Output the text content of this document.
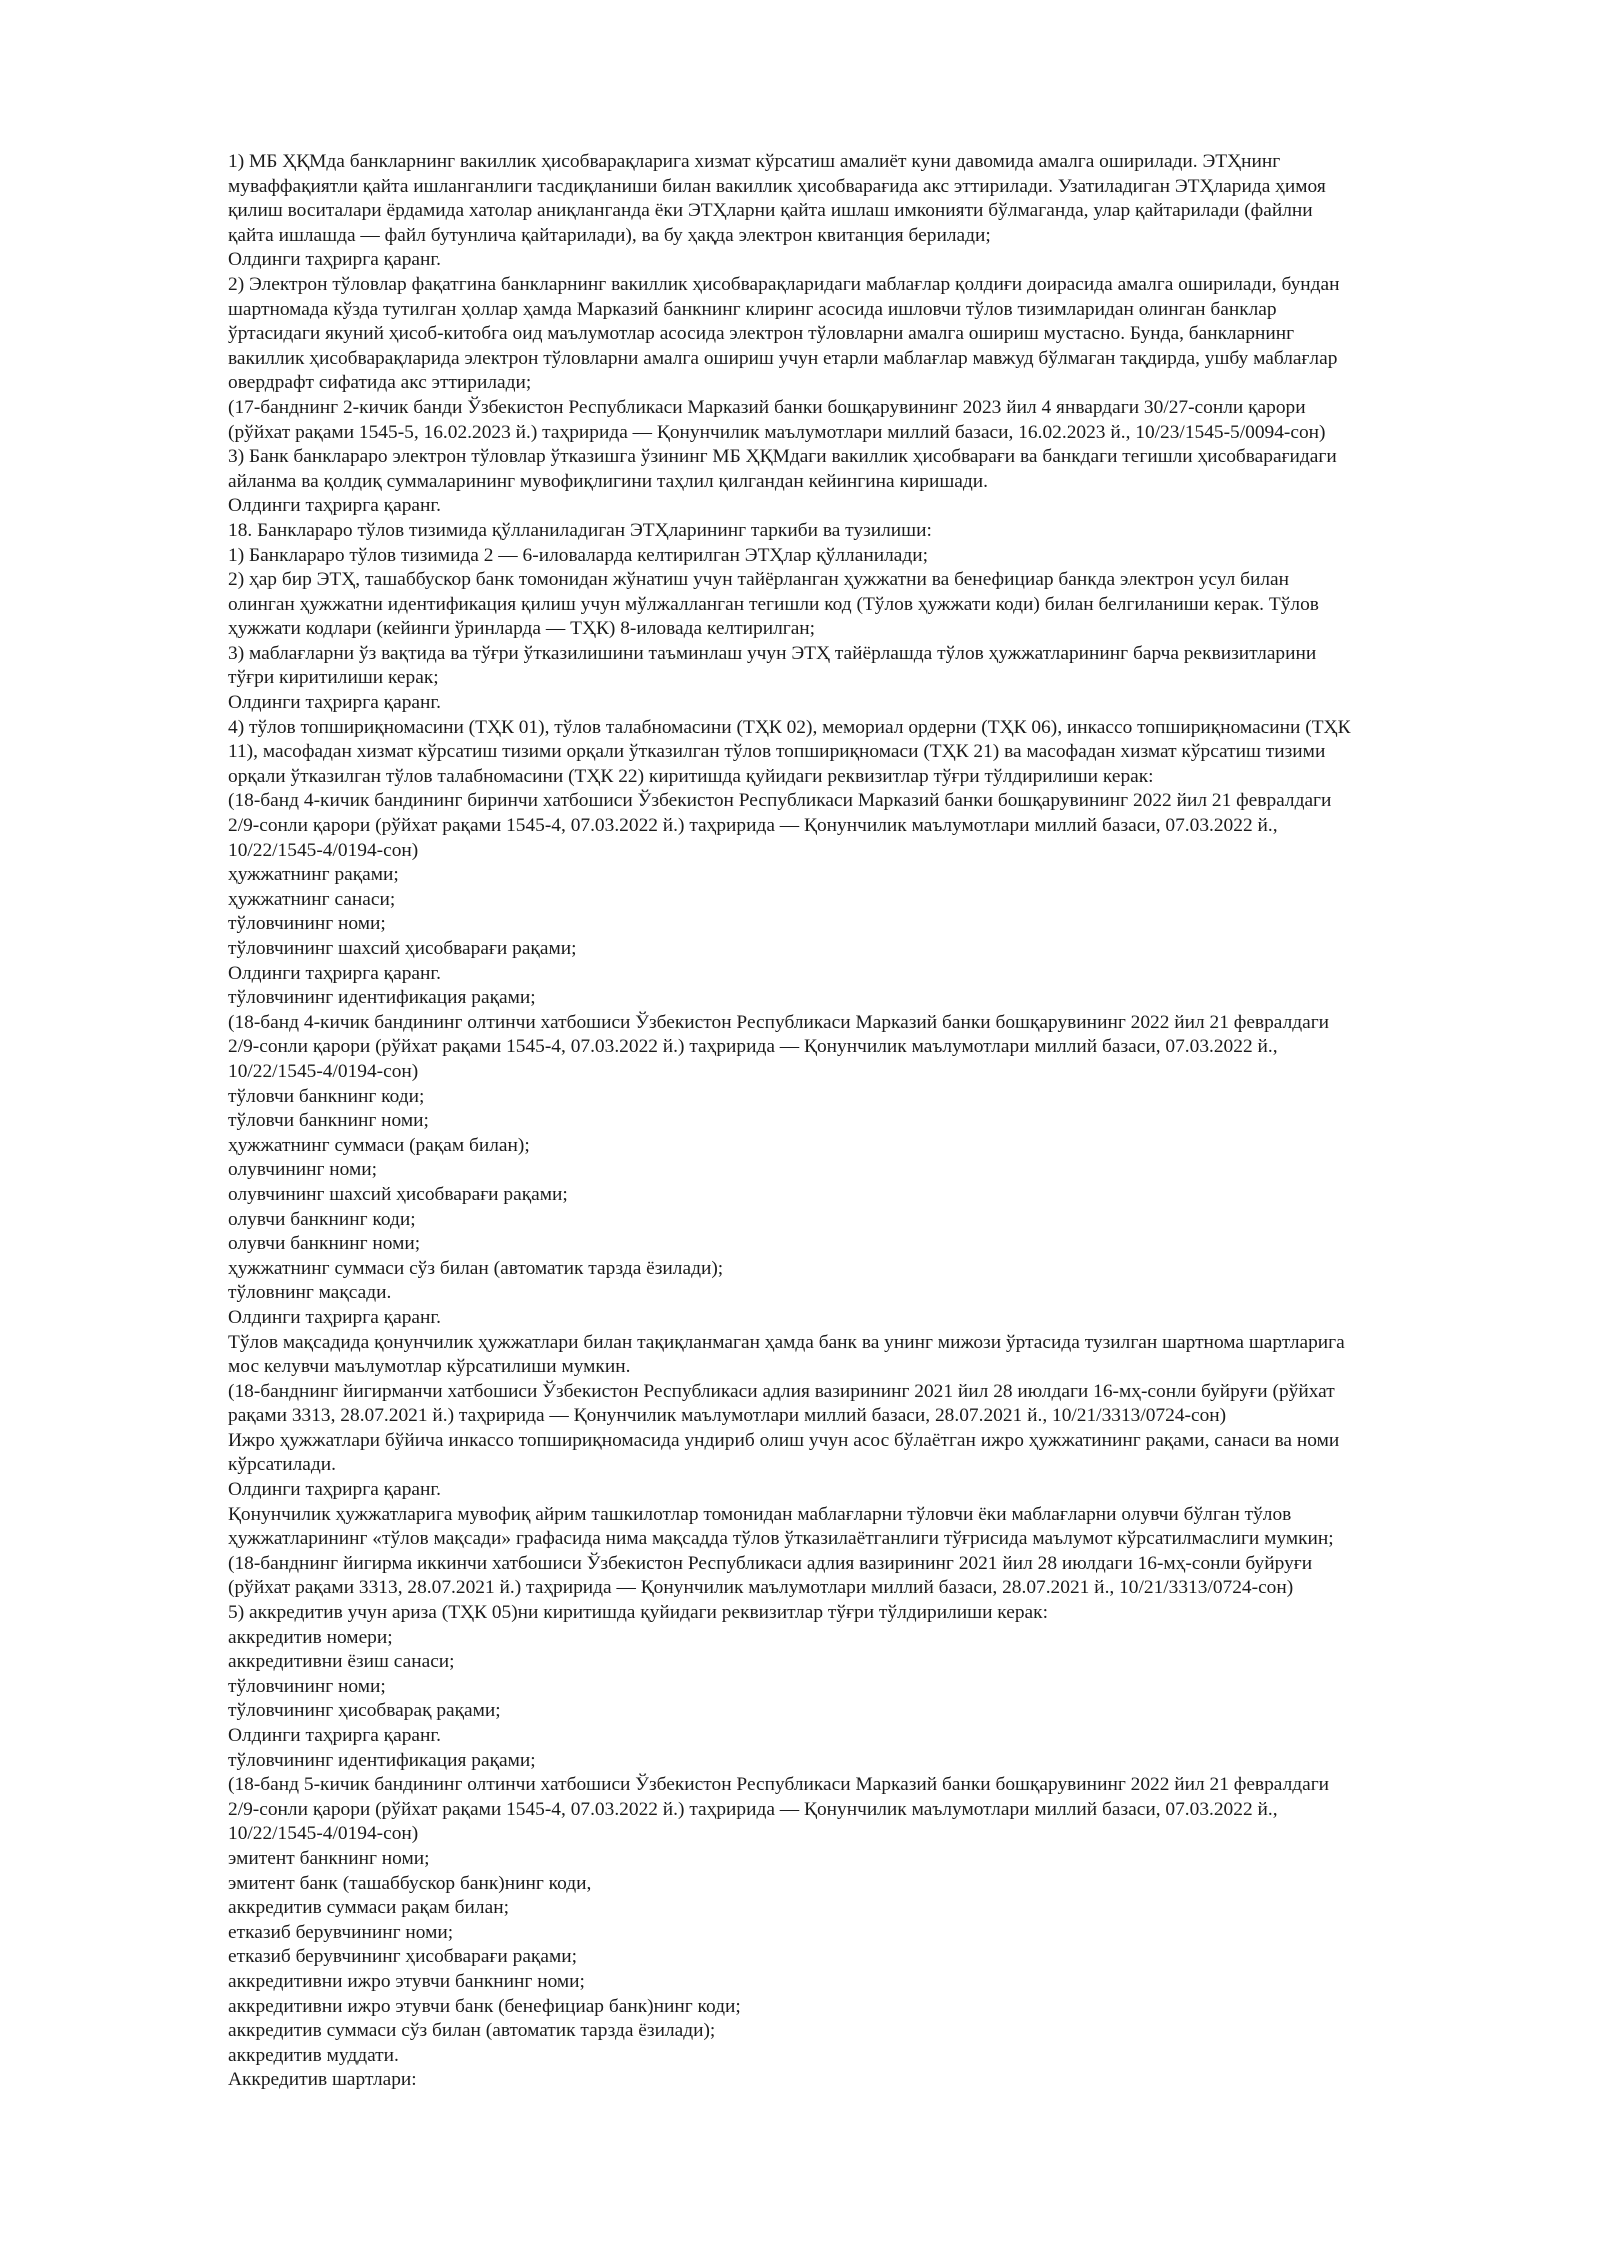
1) МБ ҲҚМда банкларнинг вакиллик ҳисобварақларига хизмат кўрсатиш амалиёт куни давомида амалга оширилади. ЭТҲнинг

муваффақиятли қайта ишланганлиги тасдиқланиши билан вакиллик ҳисобварағида акс эттирилади. Узатиладиган ЭТҲларида ҳимоя

қилиш воситалари ёрдамида хатолар аниқланганда ёки ЭТҲларни қайта ишлаш имконияти бўлмаганда, улар қайтарилади (файлни

қайта ишлашда — файл бутунлича қайтарилади), ва бу ҳақда электрон квитанция берилади;

Олдинги таҳрирга қаранг.

2) Электрон тўловлар фақатгина банкларнинг вакиллик ҳисобварақларидаги маблағлар қолдиғи доирасида амалга оширилади, бундан

шартномада кўзда тутилган ҳоллар ҳамда Марказий банкнинг клиринг асосида ишловчи тўлов тизимларидан олинган банклар

ўртасидаги якуний ҳисоб-китобга оид маълумотлар асосида электрон тўловларни амалга ошириш мустасно. Бунда, банкларнинг

вакиллик ҳисобварақларида электрон тўловларни амалга ошириш учун етарли маблағлар мавжуд бўлмаган тақдирда, ушбу маблағлар

овердрафт сифатида акс эттирилади;

(17-банднинг 2-кичик банди Ўзбекистон Республикаси Марказий банки бошқарувининг 2023 йил 4 январдаги 30/27-сонли қарори

(рўйхат рақами 1545-5, 16.02.2023 й.) таҳририда — Қонунчилик маълумотлари миллий базаси, 16.02.2023 й., 10/23/1545-5/0094-сон)

3) Банк банклараро электрон тўловлар ўтказишга ўзининг МБ ҲҚМдаги вакиллик ҳисобварағи ва банкдаги тегишли ҳисобварағидаги

айланма ва қолдиқ суммаларининг мувофиқлигини таҳлил қилгандан кейингина киришади.

Олдинги таҳрирга қаранг.

18. Банклараро тўлов тизимида қўлланиладиган ЭТҲларининг таркиби ва тузилиши:

1) Банклараро тўлов тизимида 2 — 6-иловаларда келтирилган ЭТҲлар қўлланилади;

2) ҳар бир ЭТҲ, ташаббускор банк томонидан жўнатиш учун тайёрланган ҳужжатни ва бенефициар банкда электрон усул билан

олинган ҳужжатни идентификация қилиш учун мўлжалланган тегишли код (Тўлов ҳужжати коди) билан белгиланиши керак. Тўлов

ҳужжати кодлари (кейинги ўринларда — ТҲК) 8-иловада келтирилган;

3) маблағларни ўз вақтида ва тўғри ўтказилишини таъминлаш учун ЭТҲ тайёрлашда тўлов ҳужжатларининг барча реквизитларини

тўғри киритилиши керак;

Олдинги таҳрирга қаранг.

4) тўлов топшириқномасини (ТҲК 01), тўлов талабномасини (ТҲК 02), мемориал ордерни (ТҲК 06), инкассо топшириқномасини (ТҲК

11), масофадан хизмат кўрсатиш тизими орқали ўтказилган тўлов топшириқномаси (ТҲК 21) ва масофадан хизмат кўрсатиш тизими

орқали ўтказилган тўлов талабномасини (ТҲК 22) киритишда қуйидаги реквизитлар тўғри тўлдирилиши керак:

(18-банд 4-кичик бандининг биринчи хатбошиси Ўзбекистон Республикаси Марказий банки бошқарувининг 2022 йил 21 февралдаги

2/9-сонли қарори (рўйхат рақами 1545-4, 07.03.2022 й.) таҳририда — Қонунчилик маълумотлари миллий базаси, 07.03.2022 й.,

10/22/1545-4/0194-сон)

ҳужжатнинг рақами;

ҳужжатнинг санаси;

тўловчининг номи;

тўловчининг шахсий ҳисобварағи рақами;

Олдинги таҳрирга қаранг.

тўловчининг идентификация рақами;

(18-банд 4-кичик бандининг олтинчи хатбошиси Ўзбекистон Республикаси Марказий банки бошқарувининг 2022 йил 21 февралдаги

2/9-сонли қарори (рўйхат рақами 1545-4, 07.03.2022 й.) таҳририда — Қонунчилик маълумотлари миллий базаси, 07.03.2022 й.,

10/22/1545-4/0194-сон)

тўловчи банкнинг коди;

тўловчи банкнинг номи;

ҳужжатнинг суммаси (рақам билан);

олувчининг номи;

олувчининг шахсий ҳисобварағи рақами;

олувчи банкнинг коди;

олувчи банкнинг номи;

ҳужжатнинг суммаси сўз билан (автоматик тарзда ёзилади);

тўловнинг мақсади.

Олдинги таҳрирга қаранг.

Тўлов мақсадида қонунчилик ҳужжатлари билан тақиқланмаган ҳамда банк ва унинг мижози ўртасида тузилган шартнома шартларига

мос келувчи маълумотлар кўрсатилиши мумкин.

(18-банднинг йигирманчи хатбошиси Ўзбекистон Республикаси адлия вазирининг 2021 йил 28 июлдаги 16-мҳ-сонли буйруғи (рўйхат

рақами 3313, 28.07.2021 й.) таҳририда — Қонунчилик маълумотлари миллий базаси, 28.07.2021 й., 10/21/3313/0724-сон)

Ижро ҳужжатлари бўйича инкассо топшириқномасида ундириб олиш учун асос бўлаётган ижро ҳужжатининг рақами, санаси ва номи

кўрсатилади.

Олдинги таҳрирга қаранг.

Қонунчилик ҳужжатларига мувофиқ айрим ташкилотлар томонидан маблағларни тўловчи ёки маблағларни олувчи бўлган тўлов

ҳужжатларининг «тўлов мақсади» графасида нима мақсадда тўлов ўтказилаётганлиги тўғрисида маълумот кўрсатилмаслиги мумкин;

(18-банднинг йигирма иккинчи хатбошиси Ўзбекистон Республикаси адлия вазирининг 2021 йил 28 июлдаги 16-мҳ-сонли буйруғи

(рўйхат рақами 3313, 28.07.2021 й.) таҳририда — Қонунчилик маълумотлари миллий базаси, 28.07.2021 й., 10/21/3313/0724-сон)

5) аккредитив учун ариза (ТҲК 05)ни киритишда қуйидаги реквизитлар тўғри тўлдирилиши керак:

аккредитив номери;

аккредитивни ёзиш санаси;

тўловчининг номи;

тўловчининг ҳисобварақ рақами;

Олдинги таҳрирга қаранг.

тўловчининг идентификация рақами;

(18-банд 5-кичик бандининг олтинчи хатбошиси Ўзбекистон Республикаси Марказий банки бошқарувининг 2022 йил 21 февралдаги

2/9-сонли қарори (рўйхат рақами 1545-4, 07.03.2022 й.) таҳририда — Қонунчилик маълумотлари миллий базаси, 07.03.2022 й.,

10/22/1545-4/0194-сон)

эмитент банкнинг номи;

эмитент банк (ташаббускор банк)нинг коди,

аккредитив суммаси рақам билан;

етказиб берувчининг номи;

етказиб берувчининг ҳисобварағи рақами;

аккредитивни ижро этувчи банкнинг номи;

аккредитивни ижро этувчи банк (бенефициар банк)нинг коди;

аккредитив суммаси сўз билан (автоматик тарзда ёзилади);

аккредитив муддати.

Аккредитив шартлари:
